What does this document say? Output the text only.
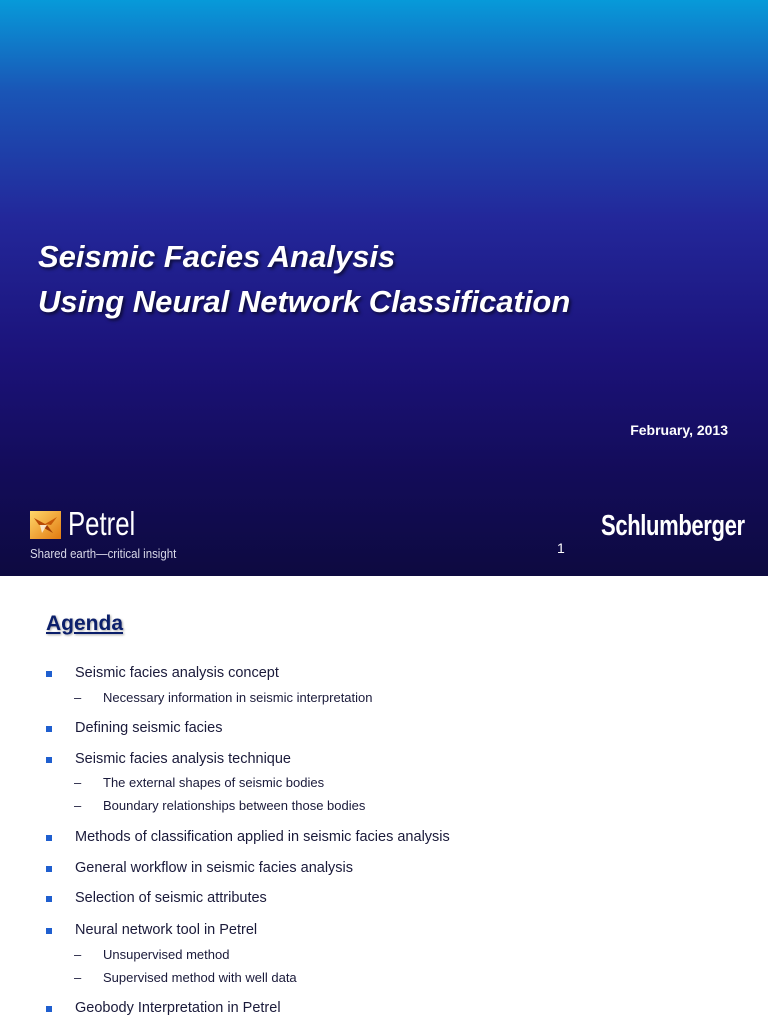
Seismic Facies Analysis
Using Neural Network Classification
February, 2013
Petrel
Shared earth—critical insight	1
Schlumberger
Agenda
Seismic facies analysis concept
– Necessary information in seismic interpretation
Defining seismic facies
Seismic facies analysis technique
– The external shapes of seismic bodies
– Boundary relationships between those bodies
Methods of classification applied in seismic facies analysis
General workflow in seismic facies analysis
Selection of seismic attributes
Neural network tool in Petrel
– Unsupervised method
– Supervised method with well data
Geobody Interpretation in Petrel
